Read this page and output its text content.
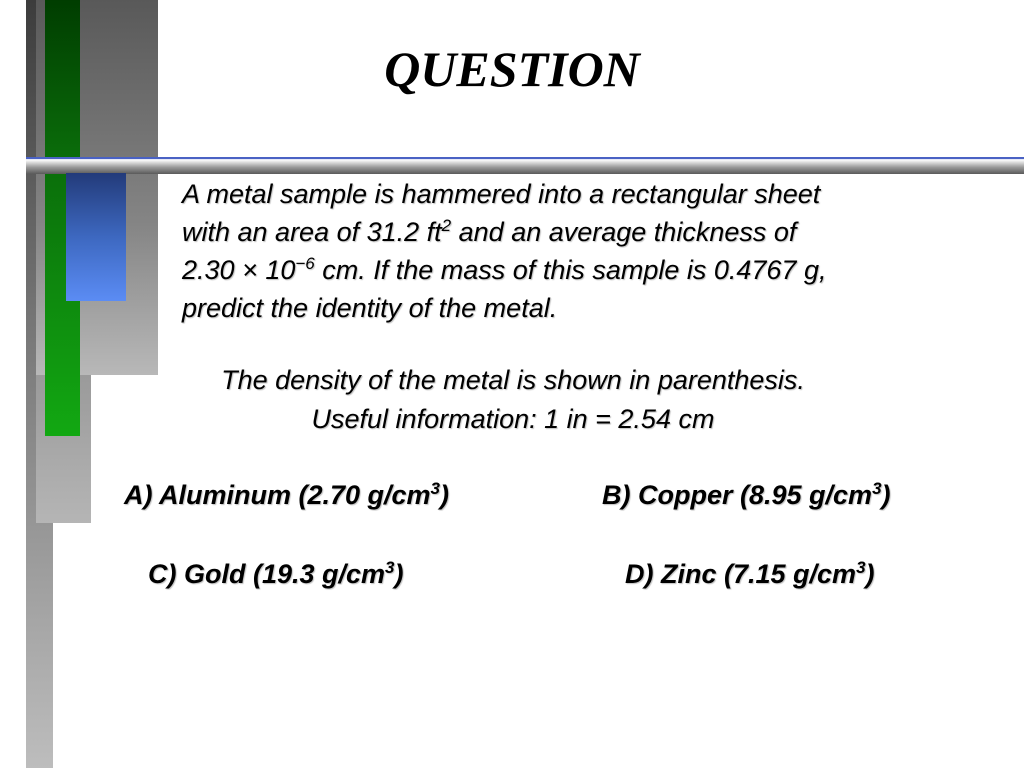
QUESTION
A metal sample is hammered into a rectangular sheet
with an area of 31.2 $ft^2$ and an average thickness of
$2.30 \times 10^{-6}$ cm. If the mass of this sample is 0.4767 g,
predict the identity of the metal.
The density of the metal is shown in parenthesis.
Useful information: 1 in = 2.54 cm
A) Aluminum (2.70 $g/cm^3$)	B) Copper (8.95 $g/cm^3$)
C) Gold (19.3 $g/cm^3$)	D) Zinc (7.15 $g/cm^3$)
